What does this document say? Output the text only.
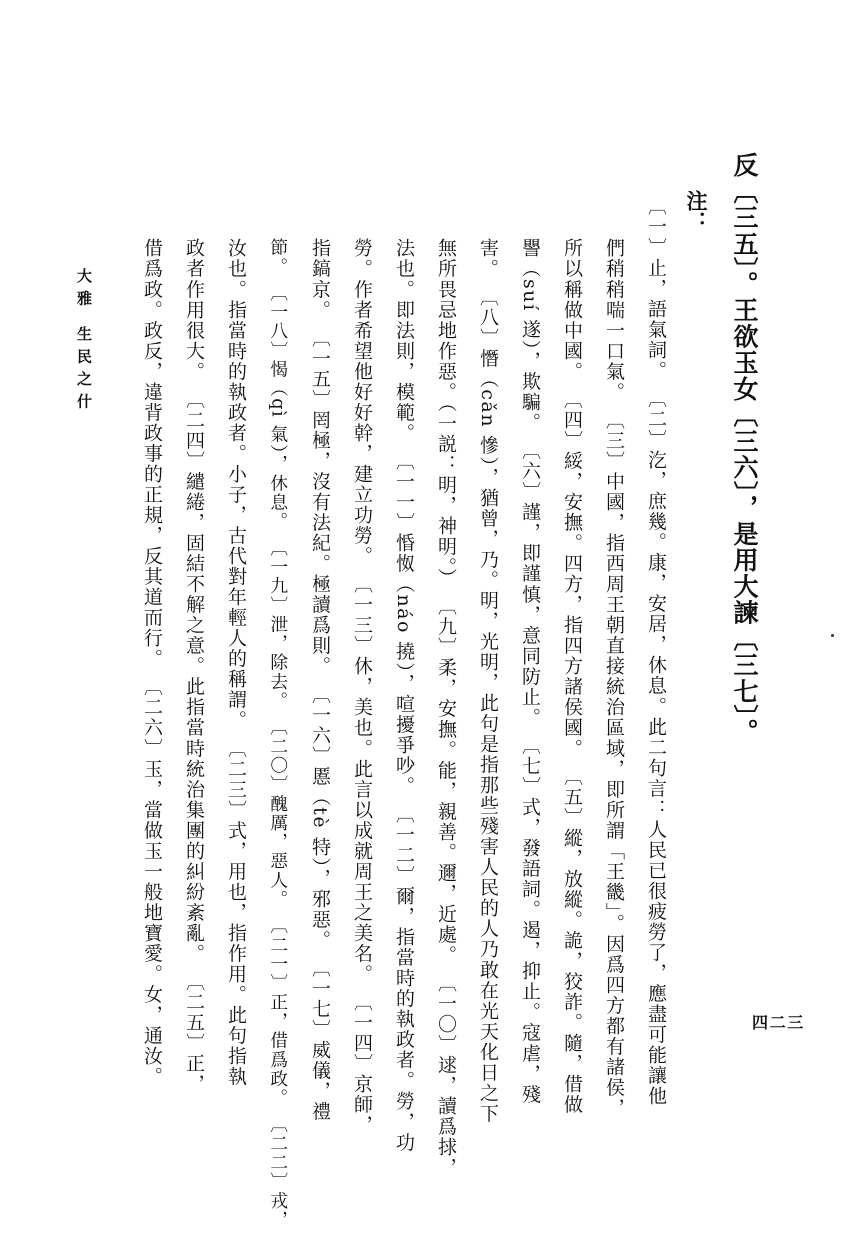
反〔三五〕。王欲玉女〔三六〕，是用大諫〔三七〕。
注：
〔一〕止，語氣詞。 〔二〕汔，庶幾。康，安居，休息。此二句言：人民已很疲勞了，應盡可能讓他
們稍稍喘一口氣。 〔三〕中國，指西周王朝直接統治區域，即所謂「王畿」。因爲四方都有諸侯，
所以稱做中國。 〔四〕綏，安撫。四方，指四方諸侯國。 〔五〕縱，放縱。詭，狡詐。隨，借做
譻（suí 遂），欺騙。 〔六〕謹，即謹慎，意同防止。 〔七〕式，發語詞。遏，抑止。寇虐，殘
害。 〔八〕憯（cǎn 慘），猶曾，乃。明，光明，此句是指那些殘害人民的人乃敢在光天化日之下
無所畏忌地作惡。（一説：明，神明。） 〔九〕柔，安撫。能，親善。邇，近處。 〔一〇〕逑，讀爲捄，
法也。即法則，模範。 〔一一〕惛怓（náo 撓），喧擾爭吵。 〔一二〕爾，指當時的執政者。勞，功
勞。作者希望他好好幹，建立功勞。 〔一三〕休，美也。此言以成就周王之美名。 〔一四〕京師，
指鎬京。 〔一五〕罔極，沒有法紀。極讀爲則。 〔一六〕慝（tè 特），邪惡。 〔一七〕威儀，禮
節。 〔一八〕愒（qì 氣），休息。 〔一九〕泄，除去。 〔二〇〕醜厲，惡人。 〔二一〕正，借爲政。 〔二二〕戎，
汝也。指當時的執政者。小子，古代對年輕人的稱謂。 〔二三〕式，用也，指作用。此句指執
政者作用很大。 〔二四〕繾綣，固結不解之意。此指當時統治集團的糾紛紊亂。 〔二五〕正，
借爲政。政反，違背政事的正規，反其道而行。 〔二六〕玉，當做玉一般地寶愛。女，通汝。
大雅 生民之什
四二三
